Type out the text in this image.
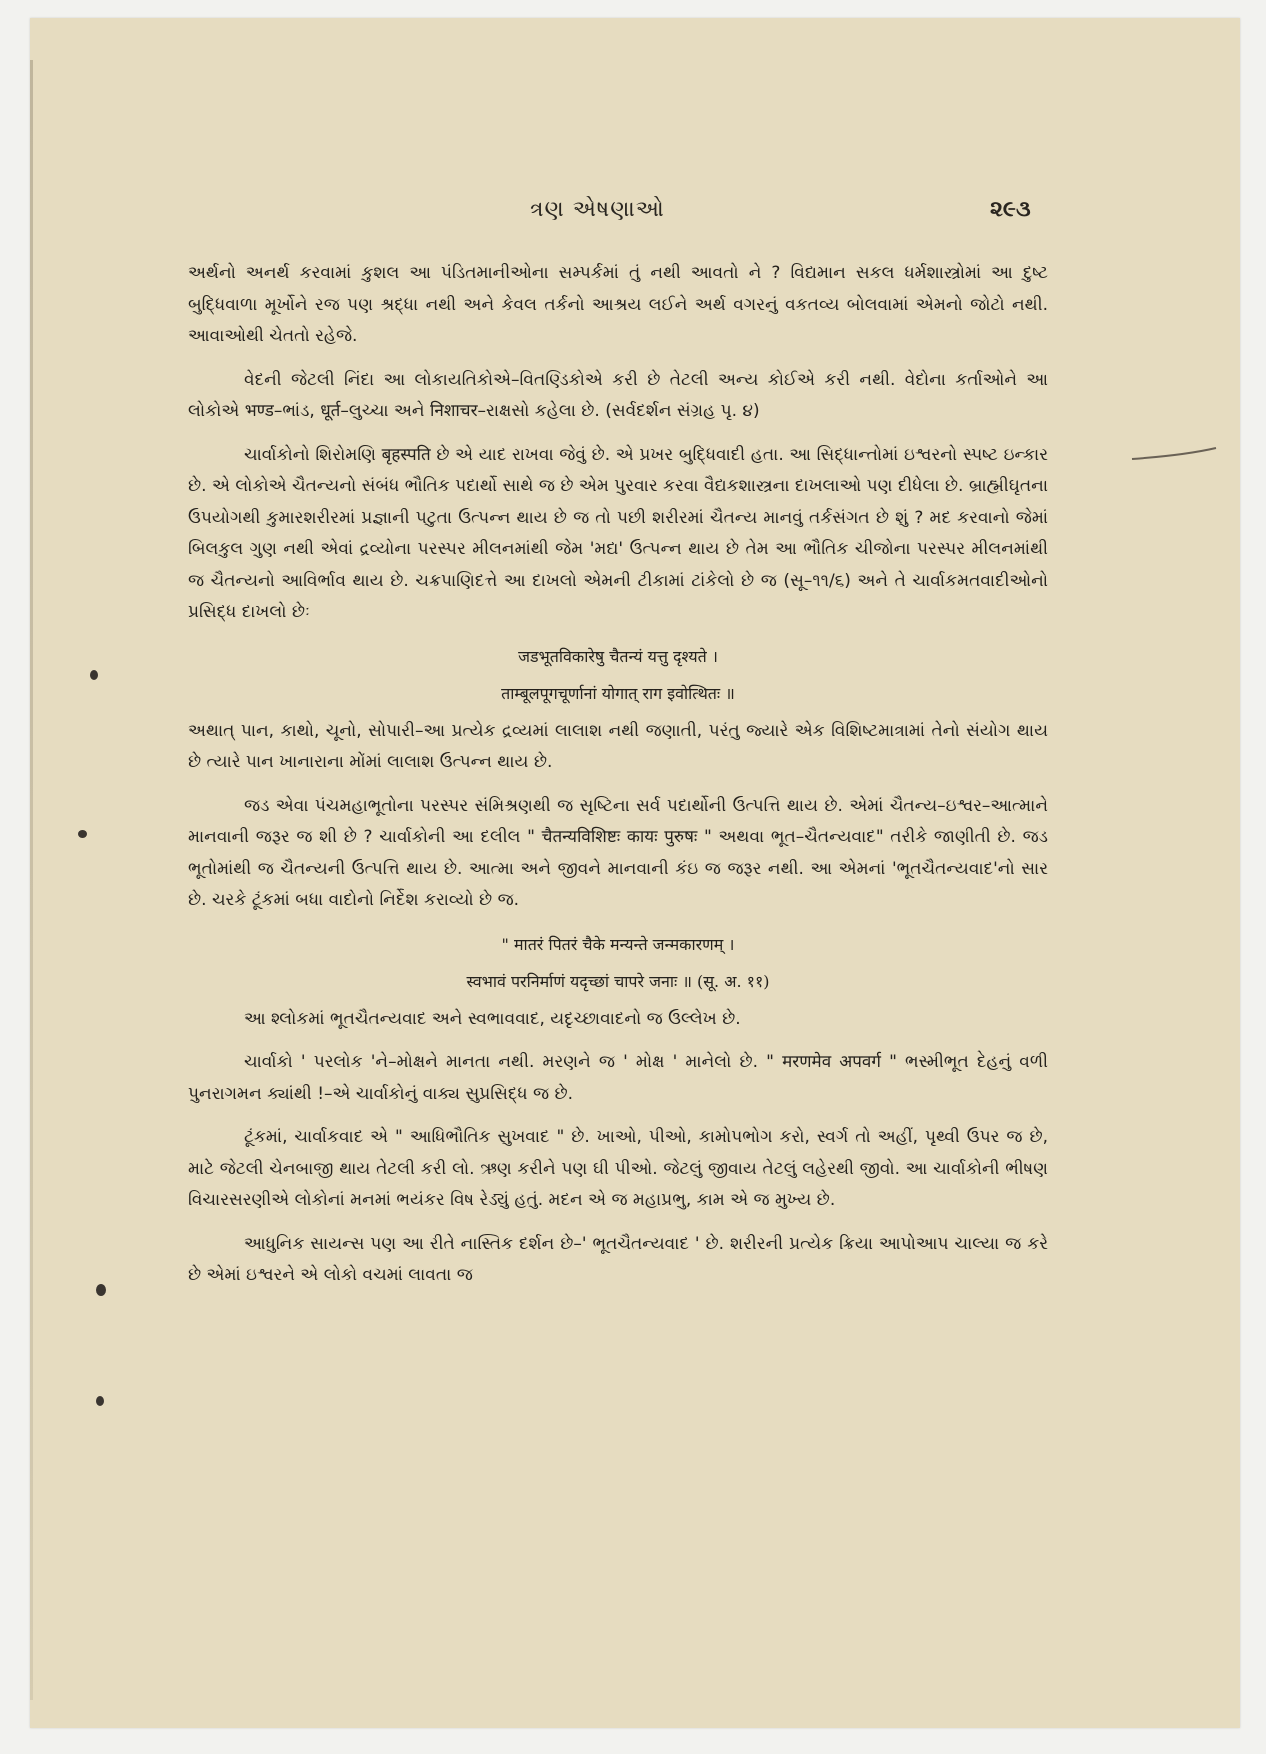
ત્રણ એષણાઓ	૨૯૩

અર્થનો અનર્થ કરવામાં કુશલ આ પંડિતમાનીઓના સમ્પર્કમાં તું નથી આવતો ને ? વિદ્યમાન સકલ ધર્મશાસ્ત્રોમાં આ દુષ્ટ બુદ્ધિવાળા મૂર્ખોને રજ પણ શ્રદ્ધા નથી અને કેવલ તર્કનો આશ્રય લઈને અર્થ વગરનું વકતવ્ય બોલવામાં એમનો જોટો નથી. આવાઓથી ચેતતો રહેજે.

વેદની જેટલી નિંદા આ લોકાયતિકોએ–વિતણ્ડિકોએ કરી છે તેટલી અન્ય કોઈએ કરી નથી. વેદોના કર્તાઓને આ લોકોએ भण्ड–ભાંડ, धूर्त–લુચ્ચા અને निशाचर–રાક્ષસો કહેલા છે. (સર્વદર્શન સંગ્રહ પૃ. ૪)

ચાર્વાકોનો શિરોમણિ बृहस्पति છે એ યાદ રાખવા જેવું છે. એ પ્રખર બુદ્ધિવાદી હતા. આ સિદ્ધાન્તોમાં ઇશ્વરનો સ્પષ્ટ ઇન્કાર છે. એ લોકોએ ચૈતન્યનો સંબંધ ભૌતિક પદાર્થો સાથે જ છે એમ પુરવાર કરવા વૈદ્યકશાસ્ત્રના દાખલાઓ પણ દીધેલા છે. બ્રાહ્મીઘૃતના ઉપયોગથી કુમારશરીરમાં પ્રજ્ઞાની પટુતા ઉત્પન્ન થાય છે જ તો પછી શરીરમાં ચૈતન્ય માનવું તર્કસંગત છે શું ? મદ કરવાનો જેમાં બિલકુલ ગુણ નથી એવાં દ્રવ્યોના પરસ્પર મીલનમાંથી જેમ 'મદ્ય' ઉત્પન્ન થાય છે તેમ આ ભૌતિક ચીજોના પરસ્પર મીલનમાંથી જ ચૈતન્યનો આવિર્ભાવ થાય છે. ચક્રપાણિદત્તે આ દાખલો એમની ટીકામાં ટાંકેલો છે જ (સૂ–૧૧/૬) અને તે ચાર્વાકમતવાદીઓનો પ્રસિદ્ધ દાખલો છેઃ

जडभूतविकारेषु चैतन्यं यत्तु दृश्यते ।
ताम्बूलपूगचूर्णानां योगात् राग इवोत्थितः ॥

અથાત્ પાન, કાથો, ચૂનો, સોપારી–આ પ્રત્યેક દ્રવ્યમાં લાલાશ નથી જણાતી, પરંતુ જ્યારે એક વિશિષ્ટમાત્રામાં તેનો સંયોગ થાય છે ત્યારે પાન ખાનારાના મોંમાં લાલાશ ઉત્પન્ન થાય છે.

જડ એવા પંચમહાભૂતોના પરસ્પર સંમિશ્રણથી જ સૃષ્ટિના સર્વ પદાર્થોની ઉત્પત્તિ થાય છે. એમાં ચૈતન્ય–ઇશ્વર–આત્માને માનવાની જરૂર જ શી છે ? ચાર્વાકોની આ દલીલ " चैतन्यविशिष्टः कायः पुरुषः " અથવા ભૂત–ચૈતન્યવાદ" તરીકે જાણીતી છે. જડ ભૂતોમાંથી જ ચૈતન્યની ઉત્પત્તિ થાય છે. આત્મા અને જીવને માનવાની કંઇ જ જરૂર નથી. આ એમનાં 'ભૂતચૈતન્યવાદ'નો સાર છે. ચરકે ટૂંકમાં બધા વાદોનો નિર્દેશ કરાવ્યો છે જ.

" मातरं पितरं चैके मन्यन्ते जन्मकारणम् ।
स्वभावं परनिर्माणं यदृच्छां चापरे जनाः ॥ (सू. अ. ११)

આ શ્લોકમાં ભૂતચૈતન્યવાદ અને સ્વભાવવાદ, યદૃચ્છાવાદનો જ ઉલ્લેખ છે.

ચાર્વાકો ' પરલોક 'ને–મોક્ષને માનતા નથી. મરણને જ ' મોક્ષ ' માનેલો છે. " मरणमेव अपवर्ग " ભસ્મીભૂત દેહનું વળી પુનરાગમન ક્યાંથી !–એ ચાર્વાકોનું વાક્ય સુપ્રસિદ્ધ જ છે.

ટૂંકમાં, ચાર્વાકવાદ એ " આધિભૌતિક સુખવાદ " છે. ખાઓ, પીઓ, કામોપભોગ કરો, સ્વર્ગ તો અહીં, પૃથ્વી ઉપર જ છે, માટે જેટલી ચેનબાજી થાય તેટલી કરી લો. ઋણ કરીને પણ ઘી પીઓ. જેટલું જીવાય તેટલું લહેરથી જીવો. આ ચાર્વાકોની ભીષણ વિચારસરણીએ લોકોનાં મનમાં ભયંકર વિષ રેડ્યું હતું. મદન એ જ મહાપ્રભુ, કામ એ જ મુખ્ય છે.

આધુનિક સાયન્સ પણ આ રીતે નાસ્તિક દર્શન છે–' ભૂતચૈતન્યવાદ ' છે. શરીરની પ્રત્યેક ક્રિયા આપોઆપ ચાલ્યા જ કરે છે એમાં ઇશ્વરને એ લોકો વચમાં લાવતા જ
